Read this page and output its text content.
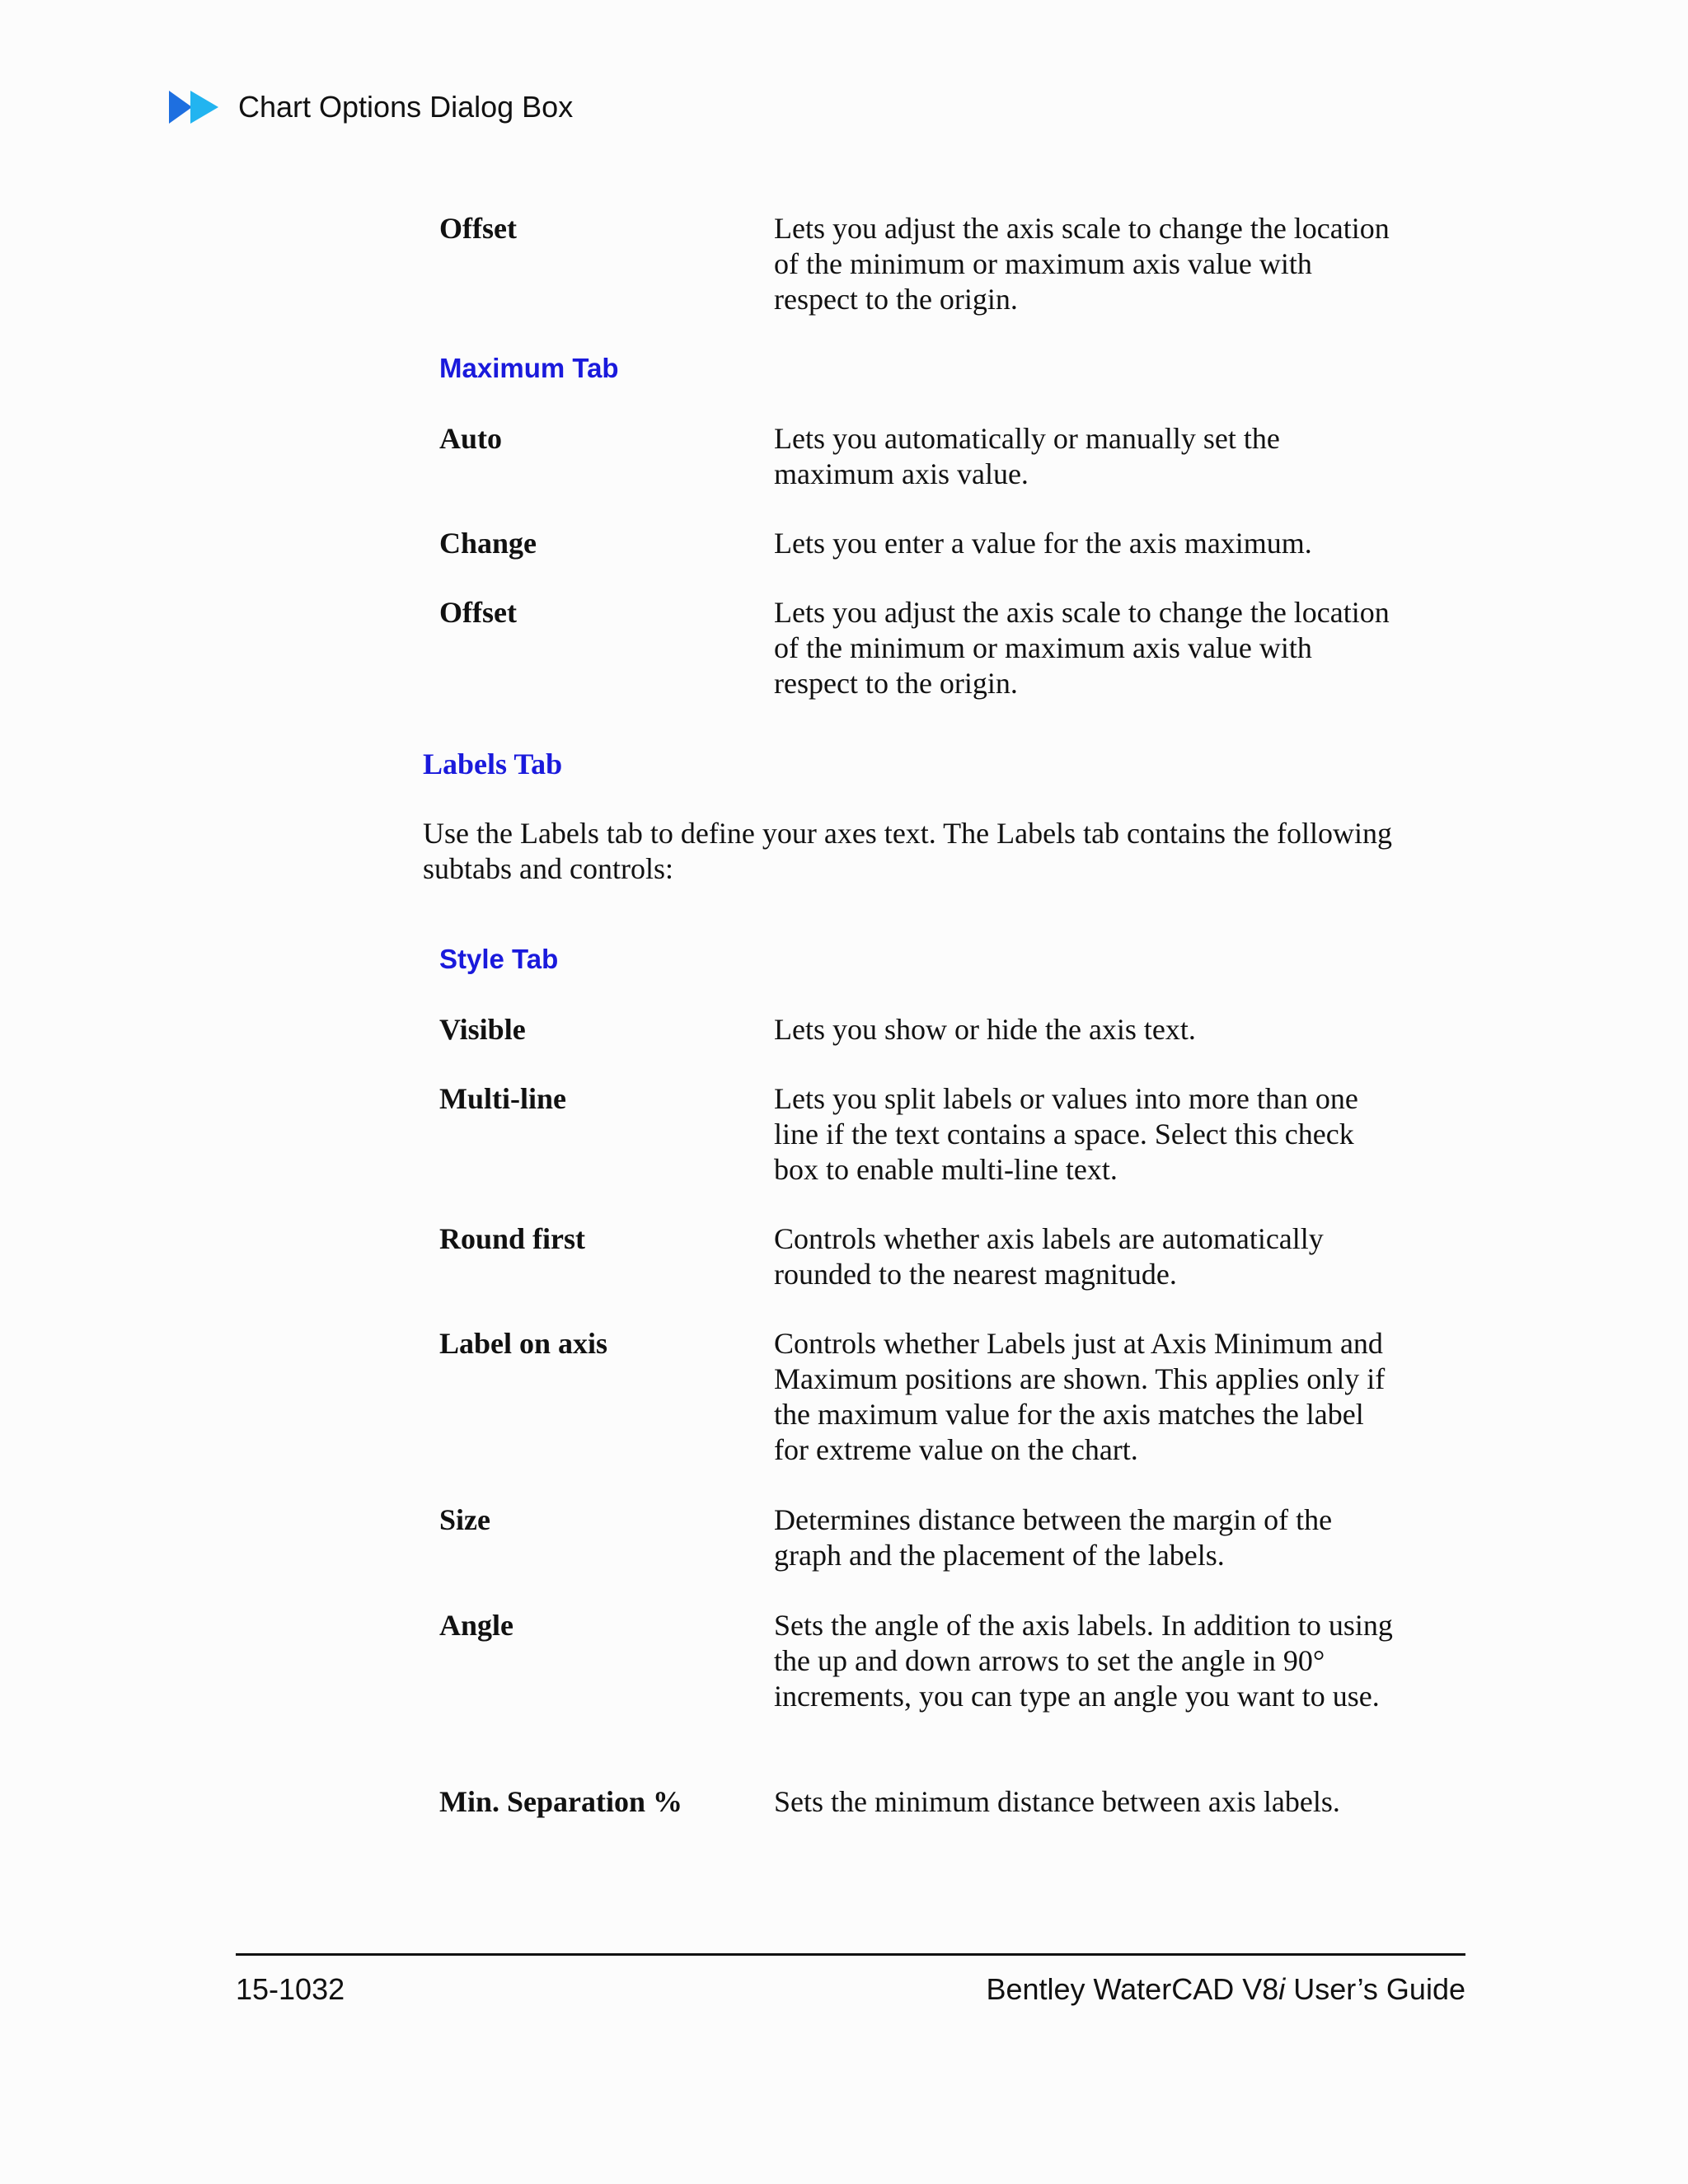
Chart Options Dialog Box
Offset	Lets you adjust the axis scale to change the location of the minimum or maximum axis value with respect to the origin.
Maximum Tab
Auto	Lets you automatically or manually set the maximum axis value.
Change	Lets you enter a value for the axis maximum.
Offset	Lets you adjust the axis scale to change the location of the minimum or maximum axis value with respect to the origin.
Labels Tab
Use the Labels tab to define your axes text. The Labels tab contains the following subtabs and controls:
Style Tab
Visible	Lets you show or hide the axis text.
Multi-line	Lets you split labels or values into more than one line if the text contains a space. Select this check box to enable multi-line text.
Round first	Controls whether axis labels are automatically rounded to the nearest magnitude.
Label on axis	Controls whether Labels just at Axis Minimum and Maximum positions are shown. This applies only if the maximum value for the axis matches the label for extreme value on the chart.
Size	Determines distance between the margin of the graph and the placement of the labels.
Angle	Sets the angle of the axis labels. In addition to using the up and down arrows to set the angle in 90° increments, you can type an angle you want to use.
Min. Separation %	Sets the minimum distance between axis labels.
15-1032	Bentley WaterCAD V8i User’s Guide
